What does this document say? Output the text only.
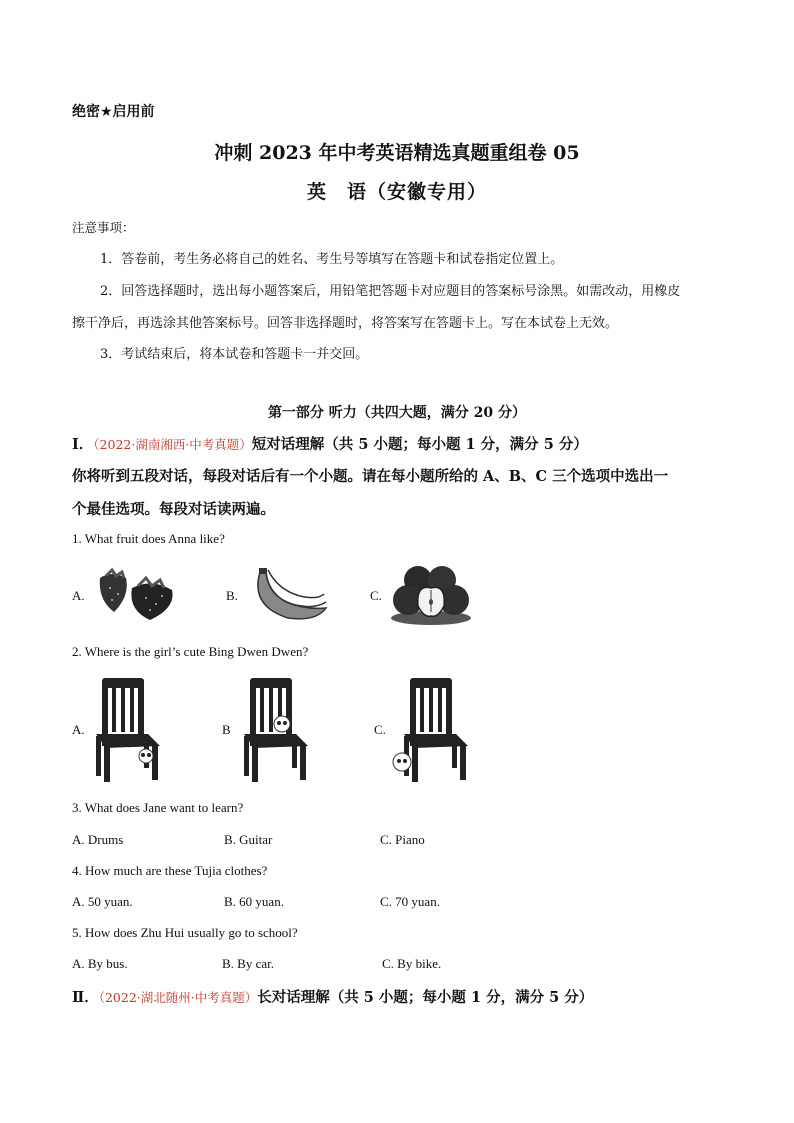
绝密★启用前
冲刺 2023 年中考英语精选真题重组卷 05
英　语（安徽专用）
注意事项：
1．答卷前，考生务必将自己的姓名、考生号等填写在答题卡和试卷指定位置上。
2．回答选择题时，选出每小题答案后，用铅笔把答题卡对应题目的答案标号涂黑。如需改动，用橡皮
擦干净后，再选涂其他答案标号。回答非选择题时，将答案写在答题卡上。写在本试卷上无效。
3．考试结束后，将本试卷和答题卡一并交回。
第一部分 听力（共四大题，满分 20 分）
Ⅰ．（2022·湖南湘西·中考真题）短对话理解（共 5 小题；每小题 1 分，满分 5 分）
你将听到五段对话，每段对话后有一个小题。请在每小题所给的 A、B、C 三个选项中选出一
个最佳选项。每段对话读两遍。
1. What fruit does Anna like?
A.	B.	C.
2. Where is the girl’s cute Bing Dwen Dwen?
A.	B	C.
3. What does Jane want to learn?
A. Drums	B. Guitar	C. Piano
4. How much are these Tujia clothes?
A. 50 yuan.	B. 60 yuan.	C. 70 yuan.
5. How does Zhu Hui usually go to school?
A. By bus.	B. By car.	C. By bike.
Ⅱ．（2022·湖北随州·中考真题）长对话理解（共 5 小题；每小题 1 分，满分 5 分）
